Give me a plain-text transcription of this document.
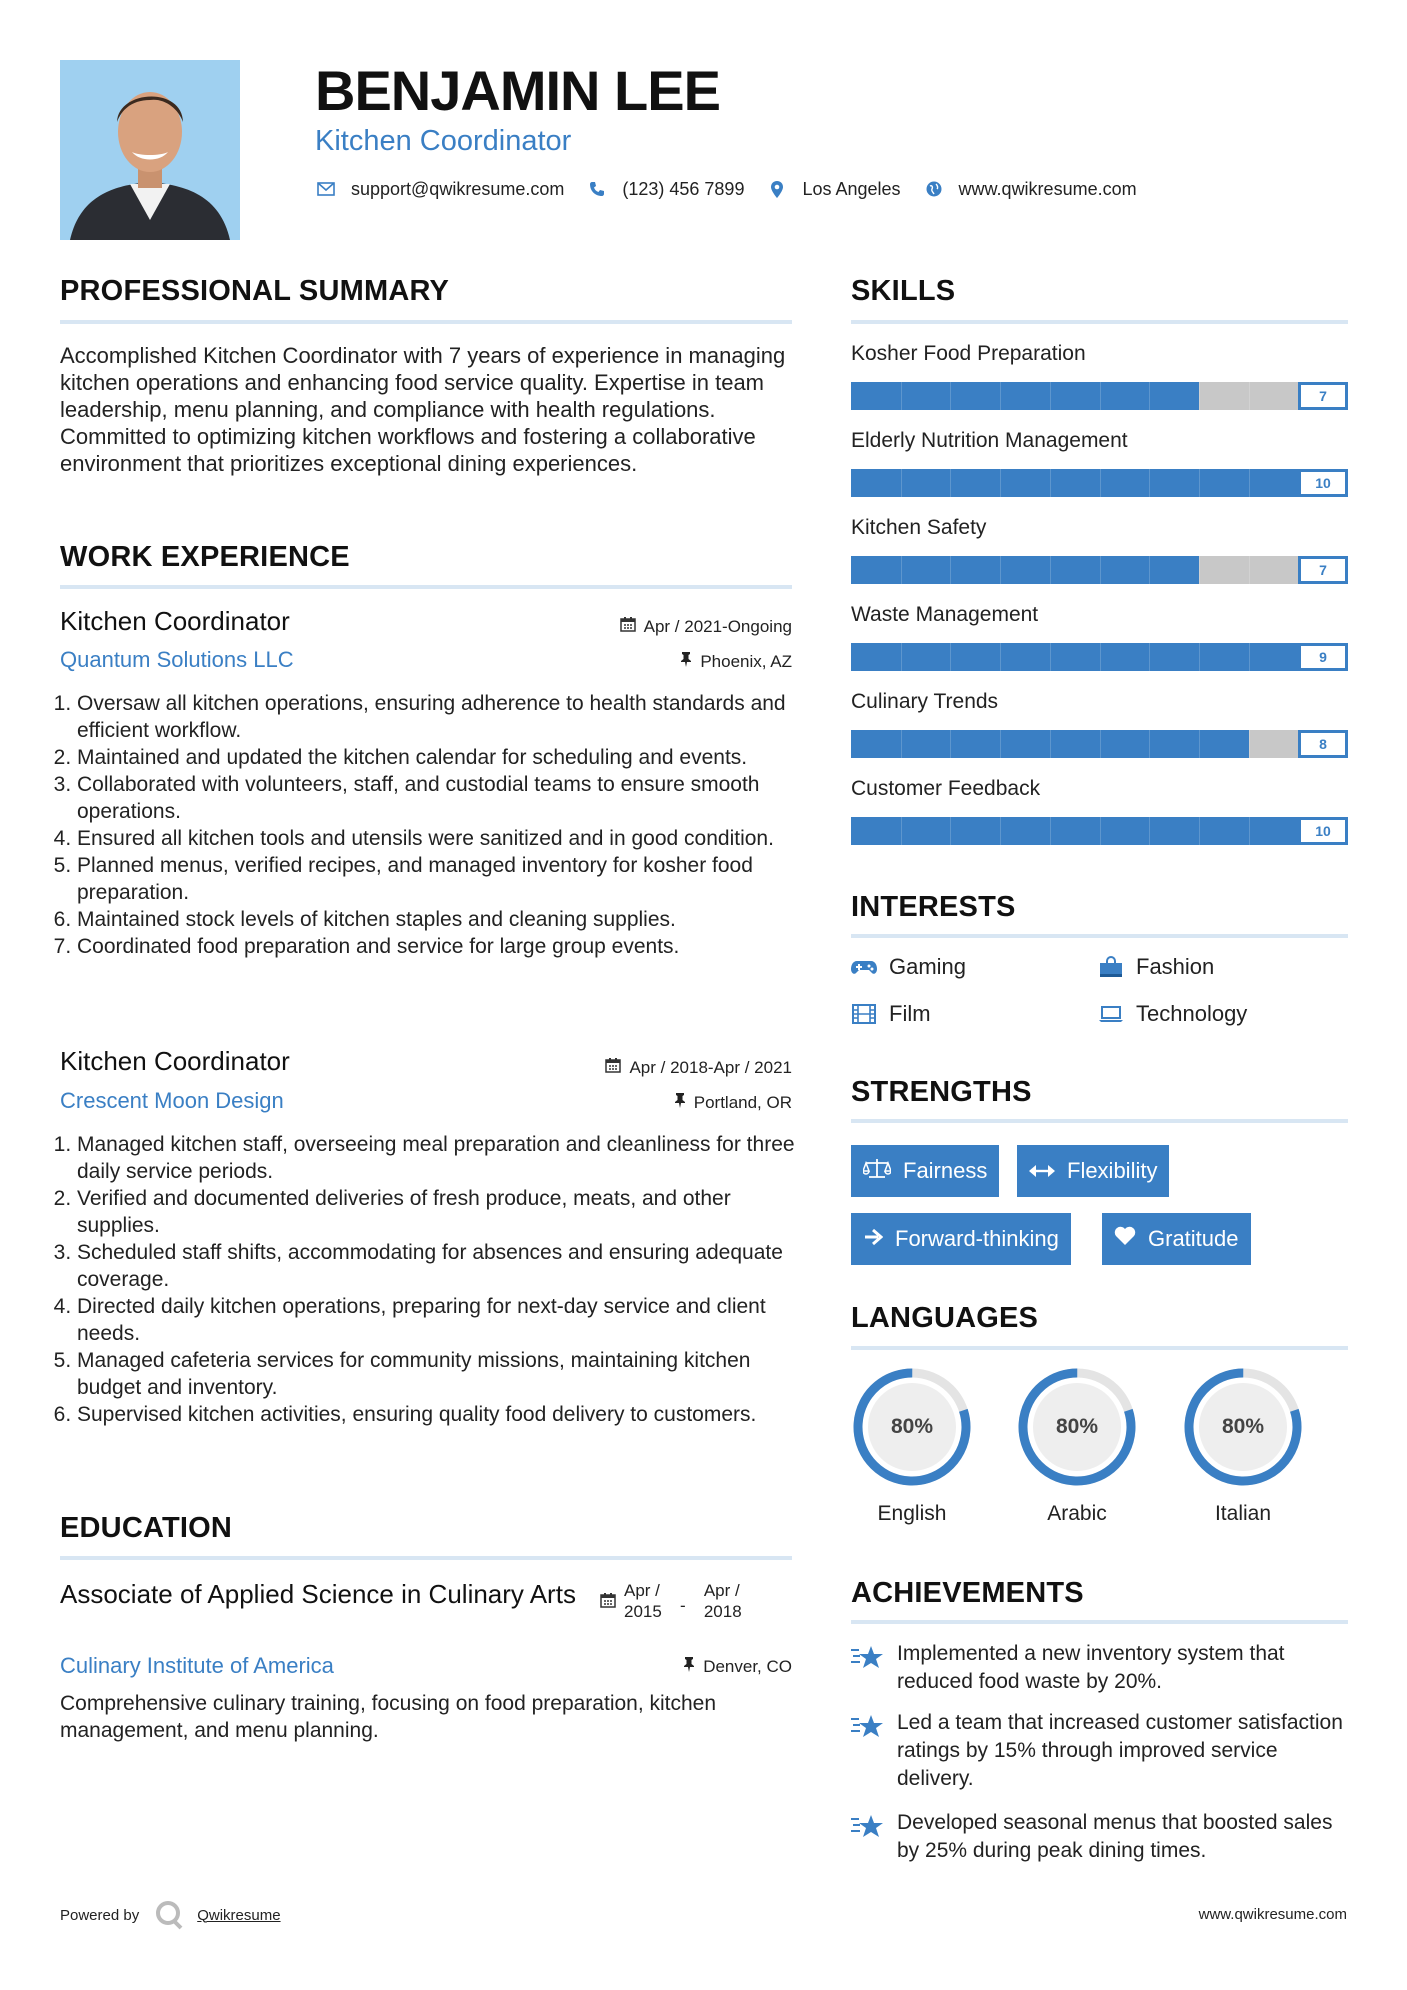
BENJAMIN LEE
Kitchen Coordinator
support@qwikresume.com	(123) 456 7899	Los Angeles	www.qwikresume.com
PROFESSIONAL SUMMARY
Accomplished Kitchen Coordinator with 7 years of experience in managing kitchen operations and enhancing food service quality. Expertise in team leadership, menu planning, and compliance with health regulations. Committed to optimizing kitchen workflows and fostering a collaborative environment that prioritizes exceptional dining experiences.
WORK EXPERIENCE
Kitchen Coordinator	Apr / 2021-Ongoing
Quantum Solutions LLC	Phoenix, AZ
1. Oversaw all kitchen operations, ensuring adherence to health standards and efficient workflow.
2. Maintained and updated the kitchen calendar for scheduling and events.
3. Collaborated with volunteers, staff, and custodial teams to ensure smooth operations.
4. Ensured all kitchen tools and utensils were sanitized and in good condition.
5. Planned menus, verified recipes, and managed inventory for kosher food preparation.
6. Maintained stock levels of kitchen staples and cleaning supplies.
7. Coordinated food preparation and service for large group events.
Kitchen Coordinator	Apr / 2018-Apr / 2021
Crescent Moon Design	Portland, OR
1. Managed kitchen staff, overseeing meal preparation and cleanliness for three daily service periods.
2. Verified and documented deliveries of fresh produce, meats, and other supplies.
3. Scheduled staff shifts, accommodating for absences and ensuring adequate coverage.
4. Directed daily kitchen operations, preparing for next-day service and client needs.
5. Managed cafeteria services for community missions, maintaining kitchen budget and inventory.
6. Supervised kitchen activities, ensuring quality food delivery to customers.
EDUCATION
Associate of Applied Science in Culinary Arts	Apr /
2015	-
Apr /
2018
Culinary Institute of America	Denver, CO
Comprehensive culinary training, focusing on food preparation, kitchen management, and menu planning.
SKILLS
Kosher Food Preparation
7
Elderly Nutrition Management
10
Kitchen Safety
7
Waste Management
9
Culinary Trends
8
Customer Feedback
10
INTERESTS
Gaming	Fashion
Film	Technology
STRENGTHS
Fairness	Flexibility
Forward-thinking	Gratitude
LANGUAGES
80%
English
80%
Arabic
80%
Italian
ACHIEVEMENTS
Implemented a new inventory system that reduced food waste by 20%.
Led a team that increased customer satisfaction ratings by 15% through improved service delivery.
Developed seasonal menus that boosted sales by 25% during peak dining times.
Powered by	Qwikresume	www.qwikresume.com
